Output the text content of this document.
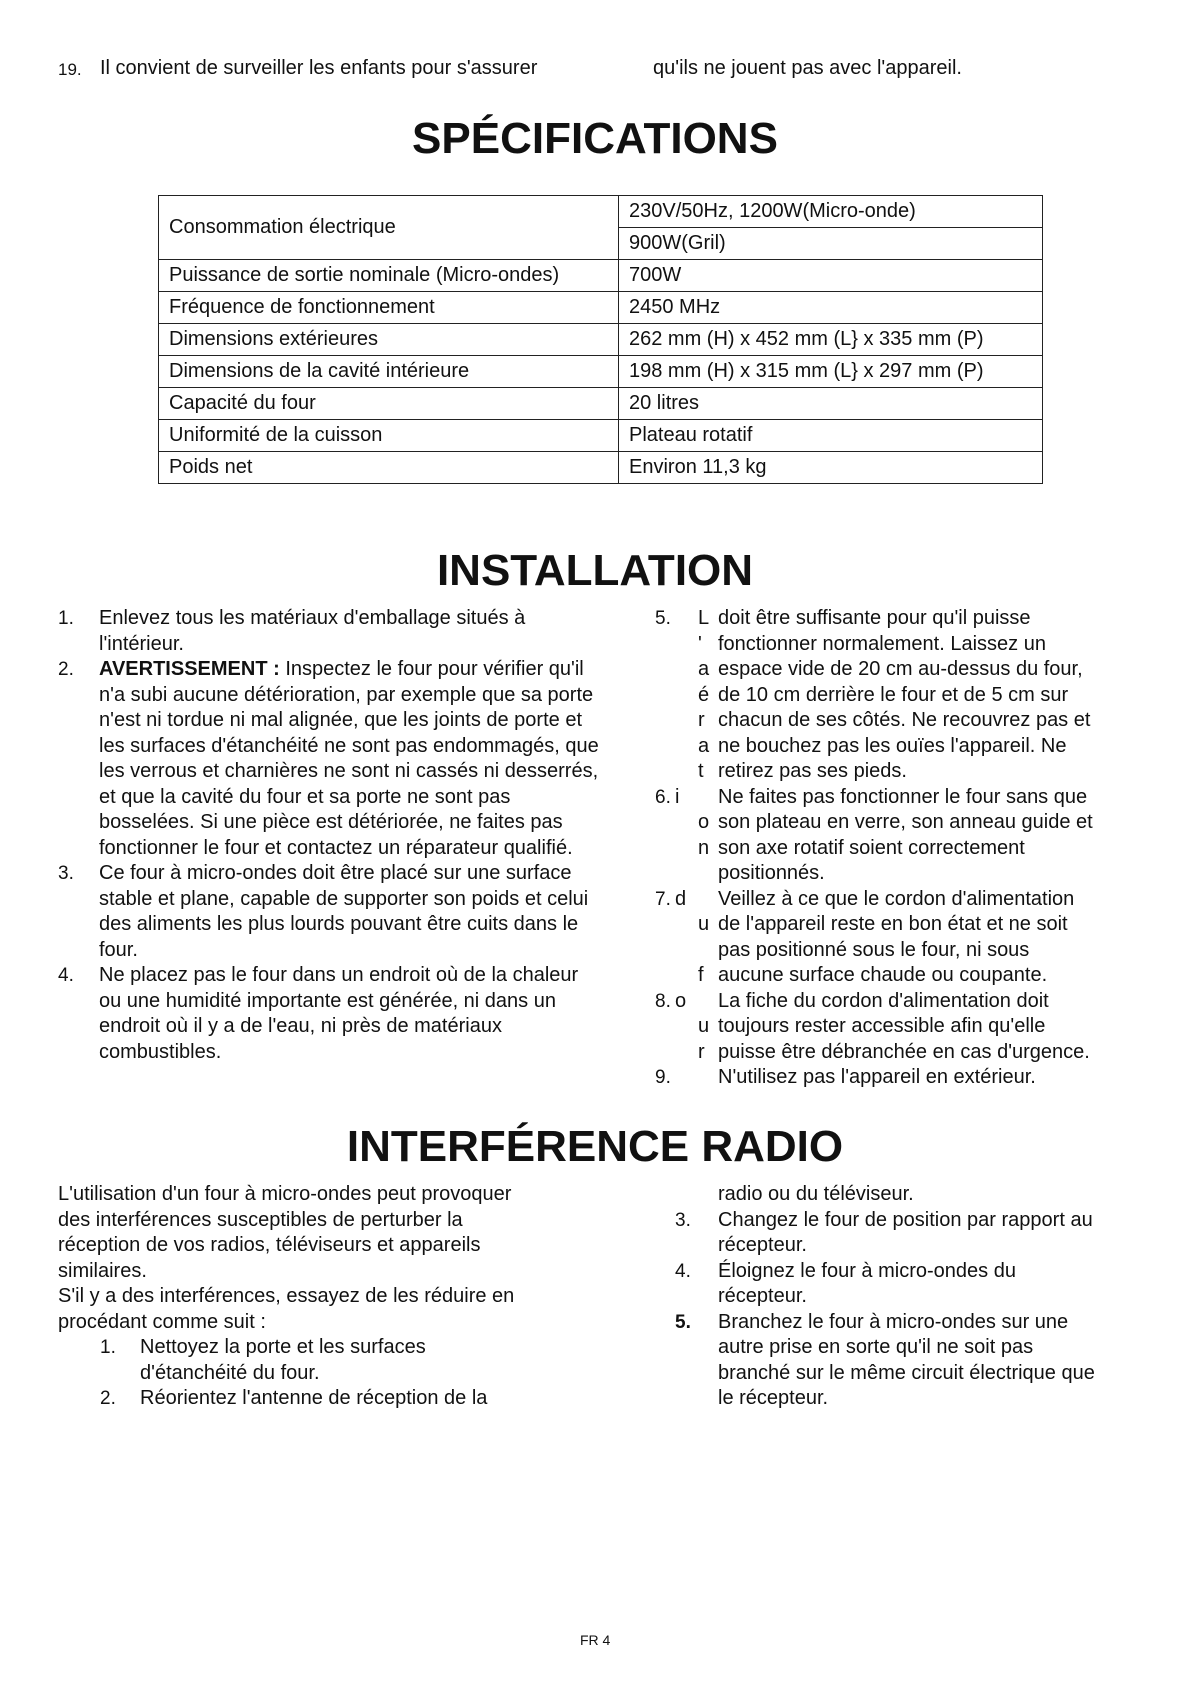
19. Il convient de surveiller les enfants pour s'assurer	qu'ils ne jouent pas avec l'appareil.
SPÉCIFICATIONS
Consommation électrique	230V/50Hz, 1200W(Micro-onde)
	900W(Gril)
Puissance de sortie nominale (Micro-ondes)	700W
Fréquence de fonctionnement	2450 MHz
Dimensions extérieures	262 mm (H) x 452 mm (L} x 335 mm (P)
Dimensions de la cavité intérieure	198 mm (H) x 315 mm (L} x 297 mm (P)
Capacité du four	20 litres
Uniformité de la cuisson	Plateau rotatif
Poids net	Environ 11,3 kg
INSTALLATION
1.
2.
3.
4.
Enlevez tous les matériaux d'emballage situés à
l'intérieur.
AVERTISSEMENT : Inspectez le four pour vérifier qu'il
n'a subi aucune détérioration, par exemple que sa porte
n'est ni tordue ni mal alignée, que les joints de porte et
les surfaces d'étanchéité ne sont pas endommagés, que
les verrous et charnières ne sont ni cassés ni desserrés,
et que la cavité du four et sa porte ne sont pas
bosselées. Si une pièce est détériorée, ne faites pas
fonctionner le four et contactez un réparateur qualifié.
Ce four à micro-ondes doit être placé sur une surface
stable et plane, capable de supporter son poids et celui
des aliments les plus lourds pouvant être cuits dans le
four.
Ne placez pas le four dans un endroit où de la chaleur
ou une humidité importante est générée, ni dans un
endroit où il y a de l'eau, ni près de matériaux
combustibles.
5. L doit être suffisante pour qu'il puisse
' fonctionner normalement. Laissez un
a espace vide de 20 cm au-dessus du four,
é de 10 cm derrière le four et de 5 cm sur
r chacun de ses côtés. Ne recouvrez pas et
a ne bouchez pas les ouïes l'appareil. Ne
t retirez pas ses pieds.
6. i Ne faites pas fonctionner le four sans que
o son plateau en verre, son anneau guide et
n son axe rotatif soient correctement
positionnés.
7. d Veillez à ce que le cordon d'alimentation
u de l'appareil reste en bon état et ne soit
pas positionné sous le four, ni sous
f aucune surface chaude ou coupante.
8. o La fiche du cordon d'alimentation doit
u toujours rester accessible afin qu'elle
r puisse être débranchée en cas d'urgence.
9. N'utilisez pas l'appareil en extérieur.
INTERFÉRENCE RADIO
L'utilisation d'un four à micro-ondes peut provoquer
des interférences susceptibles de perturber la
réception de vos radios, téléviseurs et appareils
similaires.
S'il y a des interférences, essayez de les réduire en
procédant comme suit :
1. Nettoyez la porte et les surfaces
d'étanchéité du four.
2. Réorientez l'antenne de réception de la
radio ou du téléviseur.
3. Changez le four de position par rapport au
récepteur.
4. Éloignez le four à micro-ondes du
récepteur.
5. Branchez le four à micro-ondes sur une
autre prise en sorte qu'il ne soit pas
branché sur le même circuit électrique que
le récepteur.
FR 4
